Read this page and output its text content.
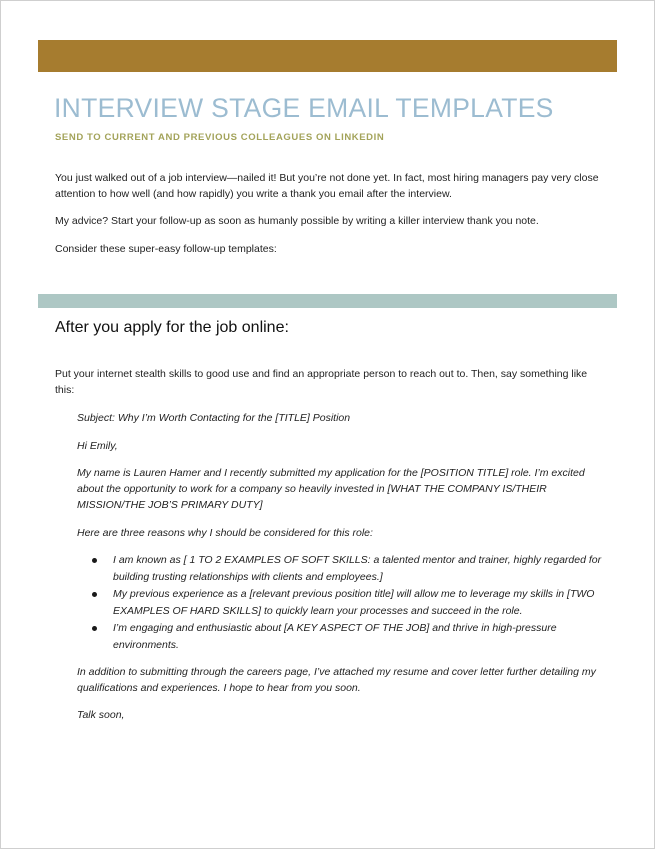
INTERVIEW STAGE EMAIL TEMPLATES
SEND TO CURRENT AND PREVIOUS COLLEAGUES ON LINKEDIN

You just walked out of a job interview—nailed it! But you’re not done yet. In fact, most hiring managers pay very close attention to how well (and how rapidly) you write a thank you email after the interview.

My advice? Start your follow-up as soon as humanly possible by writing a killer interview thank you note.

Consider these super-easy follow-up templates:

After you apply for the job online:

Put your internet stealth skills to good use and find an appropriate person to reach out to. Then, say something like this:

Subject: Why I’m Worth Contacting for the [TITLE] Position

Hi Emily,

My name is Lauren Hamer and I recently submitted my application for the [POSITION TITLE] role. I’m excited about the opportunity to work for a company so heavily invested in [WHAT THE COMPANY IS/THEIR MISSION/THE JOB’S PRIMARY DUTY]

Here are three reasons why I should be considered for this role:

I am known as [ 1 TO 2 EXAMPLES OF SOFT SKILLS: a talented mentor and trainer, highly regarded for building trusting relationships with clients and employees.]
My previous experience as a [relevant previous position title] will allow me to leverage my skills in [TWO EXAMPLES OF HARD SKILLS] to quickly learn your processes and succeed in the role.
I’m engaging and enthusiastic about [A KEY ASPECT OF THE JOB] and thrive in high-pressure environments.

In addition to submitting through the careers page, I’ve attached my resume and cover letter further detailing my qualifications and experiences. I hope to hear from you soon.

Talk soon,
